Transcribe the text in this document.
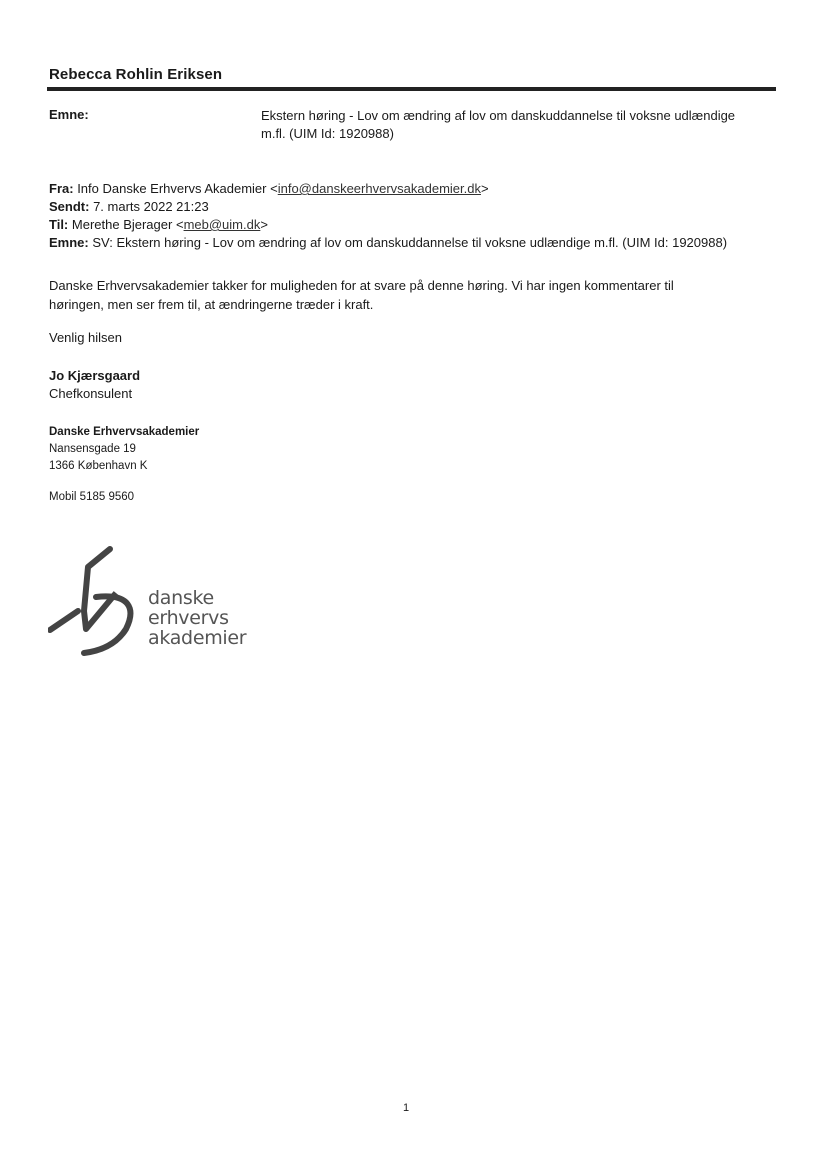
Rebecca Rohlin Eriksen
Emne:	Ekstern høring - Lov om ændring af lov om danskuddannelse til voksne udlændige
m.fl. (UIM Id: 1920988)
Fra: Info Danske Erhvervs Akademier <info@danskeerhvervsakademier.dk>
Sendt: 7. marts 2022 21:23
Til: Merethe Bjerager <meb@uim.dk>
Emne: SV: Ekstern høring - Lov om ændring af lov om danskuddannelse til voksne udlændige m.fl. (UIM Id: 1920988)
Danske Erhvervsakademier takker for muligheden for at svare på denne høring. Vi har ingen kommentarer til
høringen, men ser frem til, at ændringerne træder i kraft.
Venlig hilsen
Jo Kjærsgaard
Chefkonsulent
Danske Erhvervsakademier
Nansensgade 19
1366 København K
Mobil 5185 9560
danske
erhvervs
akademier
1
